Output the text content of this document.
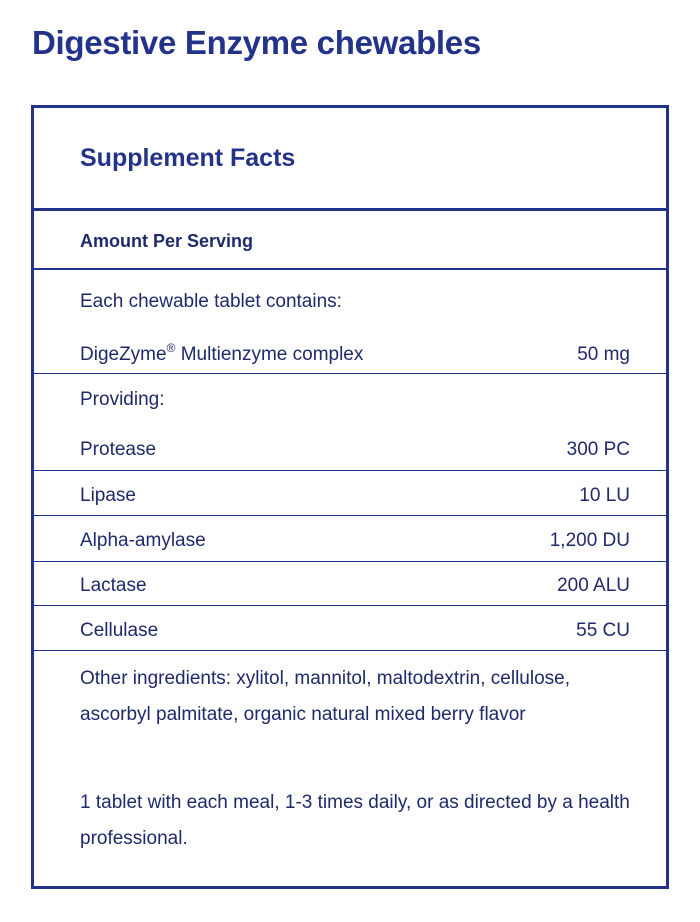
Digestive Enzyme chewables
Supplement Facts
Amount Per Serving
Each chewable tablet contains:
DigeZyme® Multienzyme complex	50 mg
Providing:
Protease	300 PC
Lipase	10 LU
Alpha-amylase	1,200 DU
Lactase	200 ALU
Cellulase	55 CU

Other ingredients: xylitol, mannitol, maltodextrin, cellulose, ascorbyl palmitate, organic natural mixed berry flavor

1 tablet with each meal, 1-3 times daily, or as directed by a health professional.
